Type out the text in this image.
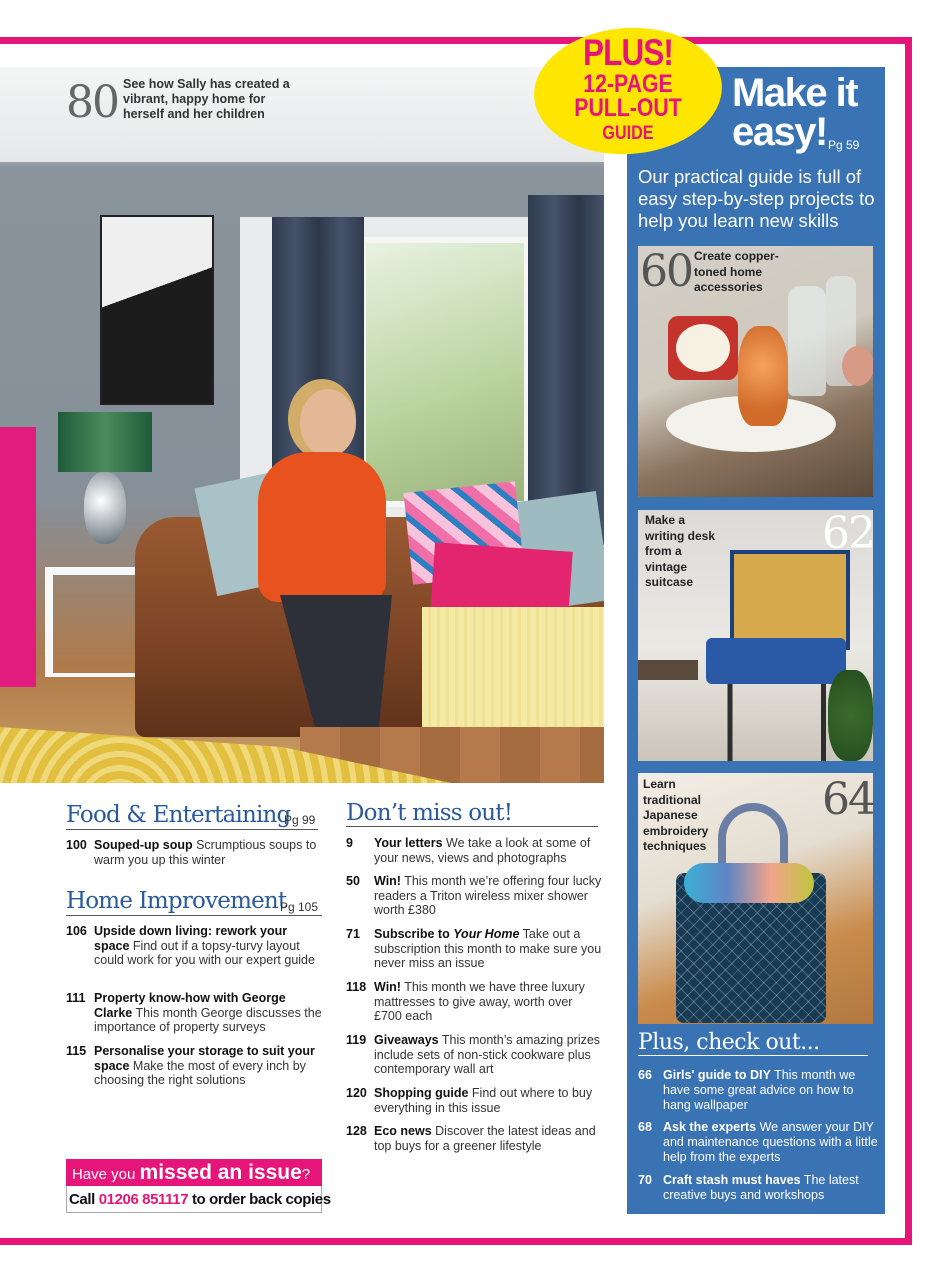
80 See how Sally has created a vibrant, happy home for herself and her children
PLUS!
12-PAGE
PULL-OUT
GUIDE
Make it easy! Pg 59
Our practical guide is full of easy step-by-step projects to help you learn new skills
60 Create copper-toned home accessories
62
Make a writing desk from a vintage suitcase
64
Learn traditional Japanese embroidery techniques
Plus, check out...
66 Girls' guide to DIY This month we have some great advice on how to hang wallpaper
68 Ask the experts We answer your DIY and maintenance questions with a little help from the experts
70 Craft stash must haves The latest creative buys and workshops
Food & Entertaining
Pg 99
100 Souped-up soup Scrumptious soups to warm you up this winter
Home Improvement
Pg 105
106 Upside down living: rework your space Find out if a topsy-turvy layout could work for you with our expert guide
111 Property know-how with George Clarke This month George discusses the importance of property surveys
115 Personalise your storage to suit your space Make the most of every inch by choosing the right solutions
Don’t miss out!
9 Your letters We take a look at some of your news, views and photographs
50 Win! This month we’re offering four lucky readers a Triton wireless mixer shower worth £380
71 Subscribe to Your Home Take out a subscription this month to make sure you never miss an issue
118 Win! This month we have three luxury mattresses to give away, worth over £700 each
119 Giveaways This month’s amazing prizes include sets of non-stick cookware plus contemporary wall art
120 Shopping guide Find out where to buy everything in this issue
128 Eco news Discover the latest ideas and top buys for a greener lifestyle
Have you missed an issue?
Call 01206 851117 to order back copies
